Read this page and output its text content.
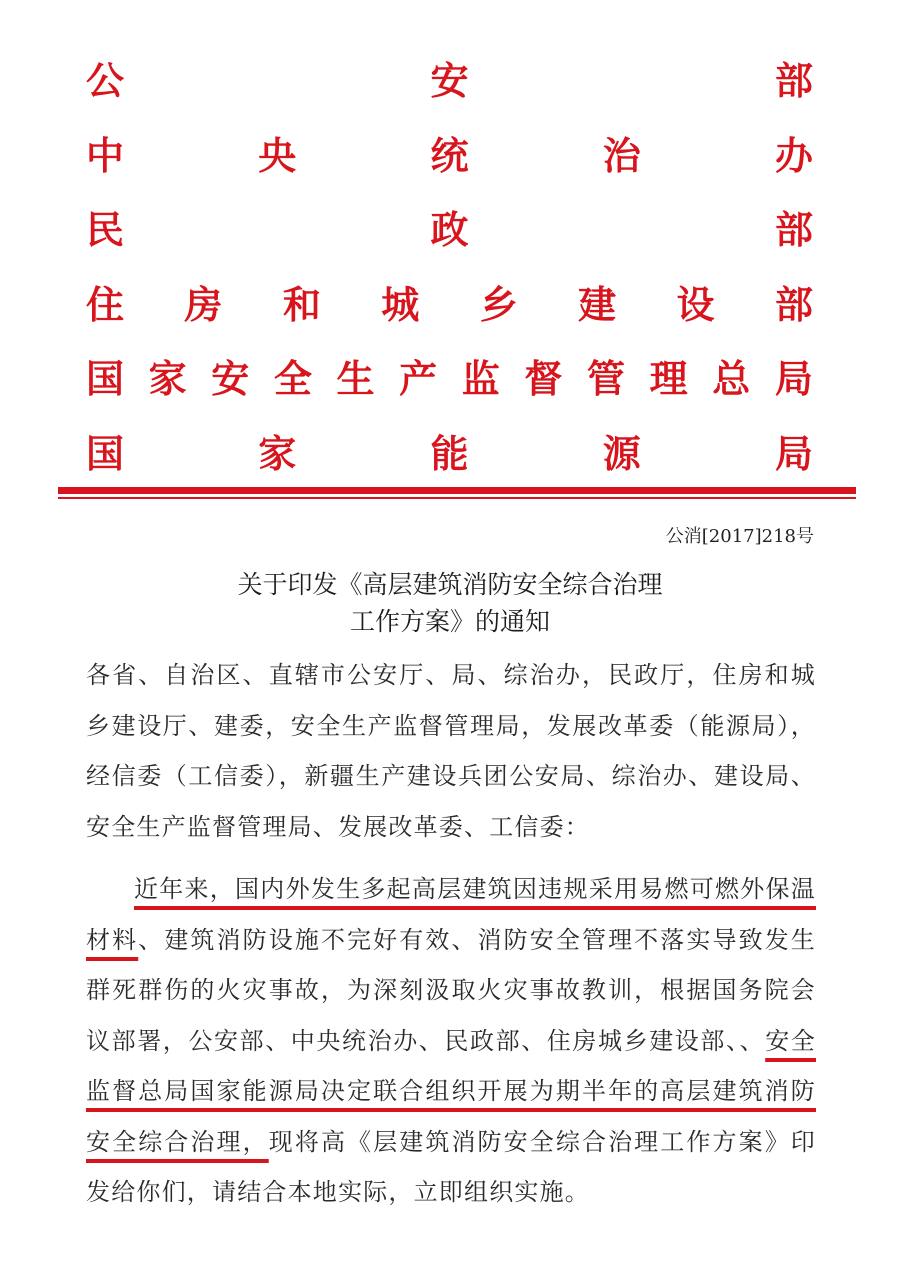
公	安	部
中	央	统	治	办
民	政	部
住 房 和 城 乡 建 设 部
国 家 安 全 生 产 监 督 管 理 总 局
国	家	能	源	局
公消[2017]218号
关于印发《高层建筑消防安全综合治理
工作方案》的通知

各省、自治区、直辖市公安厅、局、综治办，民政厅，住房和城乡建设厅、建委，安全生产监督管理局，发展改革委（能源局），经信委（工信委），新疆生产建设兵团公安局、综治办、建设局、安全生产监督管理局、发展改革委、工信委：

近年来，国内外发生多起高层建筑因违规采用易燃可燃外保温材料、建筑消防设施不完好有效、消防安全管理不落实导致发生群死群伤的火灾事故，为深刻汲取火灾事故教训，根据国务院会议部署，公安部、中央统治办、民政部、住房城乡建设部、、安全监督总局国家能源局决定联合组织开展为期半年的高层建筑消防安全综合治理，现将高《层建筑消防安全综合治理工作方案》印发给你们，请结合本地实际，立即组织实施。
